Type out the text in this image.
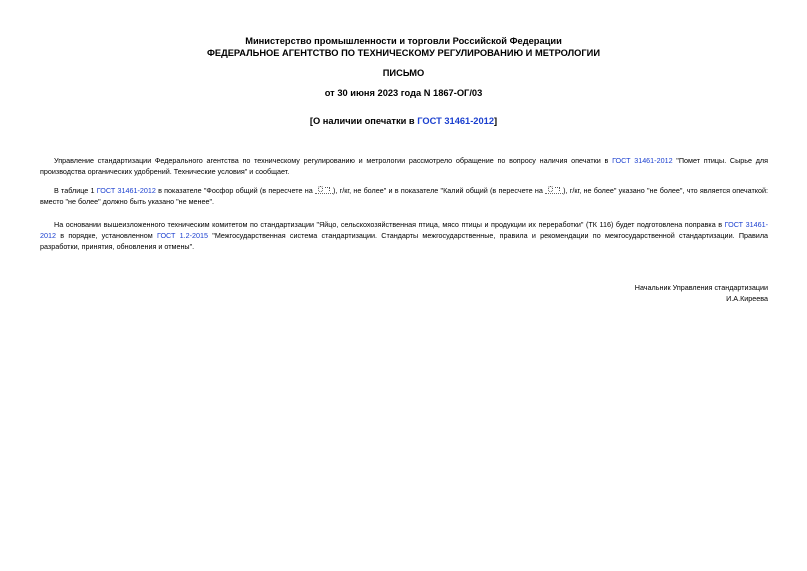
Министерство промышленности и торговли Российской Федерации
ФЕДЕРАЛЬНОЕ АГЕНТСТВО ПО ТЕХНИЧЕСКОМУ РЕГУЛИРОВАНИЮ И МЕТРОЛОГИИ
ПИСЬМО
от 30 июня 2023 года N 1867-ОГ/03
[О наличии опечатки в ГОСТ 31461-2012]
Управление стандартизации Федерального агентства по техническому регулированию и метрологии рассмотрело обращение по вопросу наличия опечатки в ГОСТ 31461-2012 "Помет птицы. Сырье для производства органических удобрений. Технические условия" и сообщает.
В таблице 1 ГОСТ 31461-2012 в показателе "Фосфор общий (в пересчете на	), г/кг, не более" и в показателе "Калий общий (в пересчете на	), г/кг, не более" указано "не более", что является опечаткой: вместо "не более" должно быть указано "не менее".
На основании вышеизложенного техническим комитетом по стандартизации "Яйцо, сельскохозяйственная птица, мясо птицы и продукции их переработки" (ТК 116) будет подготовлена поправка в ГОСТ 31461-2012 в порядке, установленном ГОСТ 1.2-2015 "Межгосударственная система стандартизации. Стандарты межгосударственные, правила и рекомендации по межгосударственной стандартизации. Правила разработки, принятия, обновления и отмены".
Начальник Управления стандартизации
И.А.Киреева
